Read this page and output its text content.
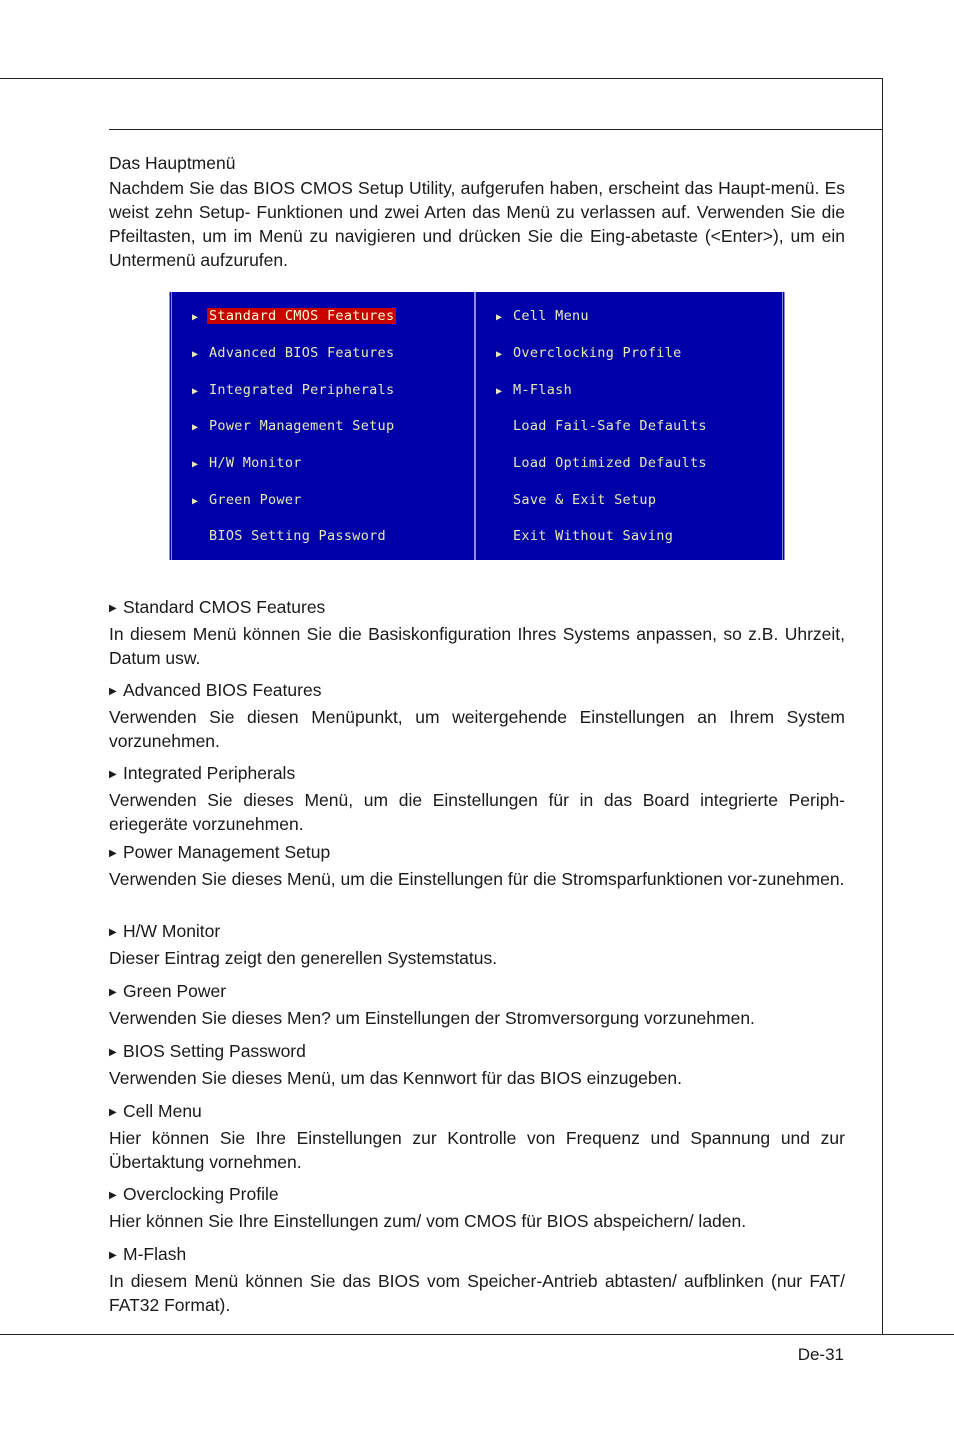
Das Hauptmenü

Nachdem Sie das BIOS CMOS Setup Utility, aufgerufen haben, erscheint das Haupt-menü. Es weist zehn Setup- Funktionen und zwei Arten das Menü zu verlassen auf. Verwenden Sie die Pfeiltasten, um im Menü zu navigieren und drücken Sie die Eing-abetaste (<Enter>), um ein Untermenü aufzurufen.

▶ Standard CMOS Features
▶ Advanced BIOS Features
▶ Integrated Peripherals
▶ Power Management Setup
▶ H/W Monitor
▶ Green Power
BIOS Setting Password
▶ Cell Menu
▶ Overclocking Profile
▶ M-Flash
Load Fail-Safe Defaults
Load Optimized Defaults
Save & Exit Setup
Exit Without Saving

▶ Standard CMOS Features

In diesem Menü können Sie die Basiskonfiguration Ihres Systems anpassen, so z.B. Uhrzeit, Datum usw.

▶ Advanced BIOS Features

Verwenden Sie diesen Menüpunkt, um weitergehende Einstellungen an Ihrem System vorzunehmen.

▶ Integrated Peripherals

Verwenden Sie dieses Menü, um die Einstellungen für in das Board integrierte Periph-eriegeräte vorzunehmen.

▶ Power Management Setup

Verwenden Sie dieses Menü, um die Einstellungen für die Stromsparfunktionen vor-zunehmen.

▶ H/W Monitor

Dieser Eintrag zeigt den generellen Systemstatus.

▶ Green Power

Verwenden Sie dieses Men? um Einstellungen der Stromversorgung vorzunehmen.

▶ BIOS Setting Password

Verwenden Sie dieses Menü, um das Kennwort für das BIOS einzugeben.

▶ Cell Menu

Hier können Sie Ihre Einstellungen zur Kontrolle von Frequenz und Spannung und zur Übertaktung vornehmen.

▶ Overclocking Profile

Hier können Sie Ihre Einstellungen zum/ vom CMOS für BIOS abspeichern/ laden.

▶ M-Flash

In diesem Menü können Sie das BIOS vom Speicher-Antrieb abtasten/ aufblinken (nur FAT/ FAT32 Format).

De-31
